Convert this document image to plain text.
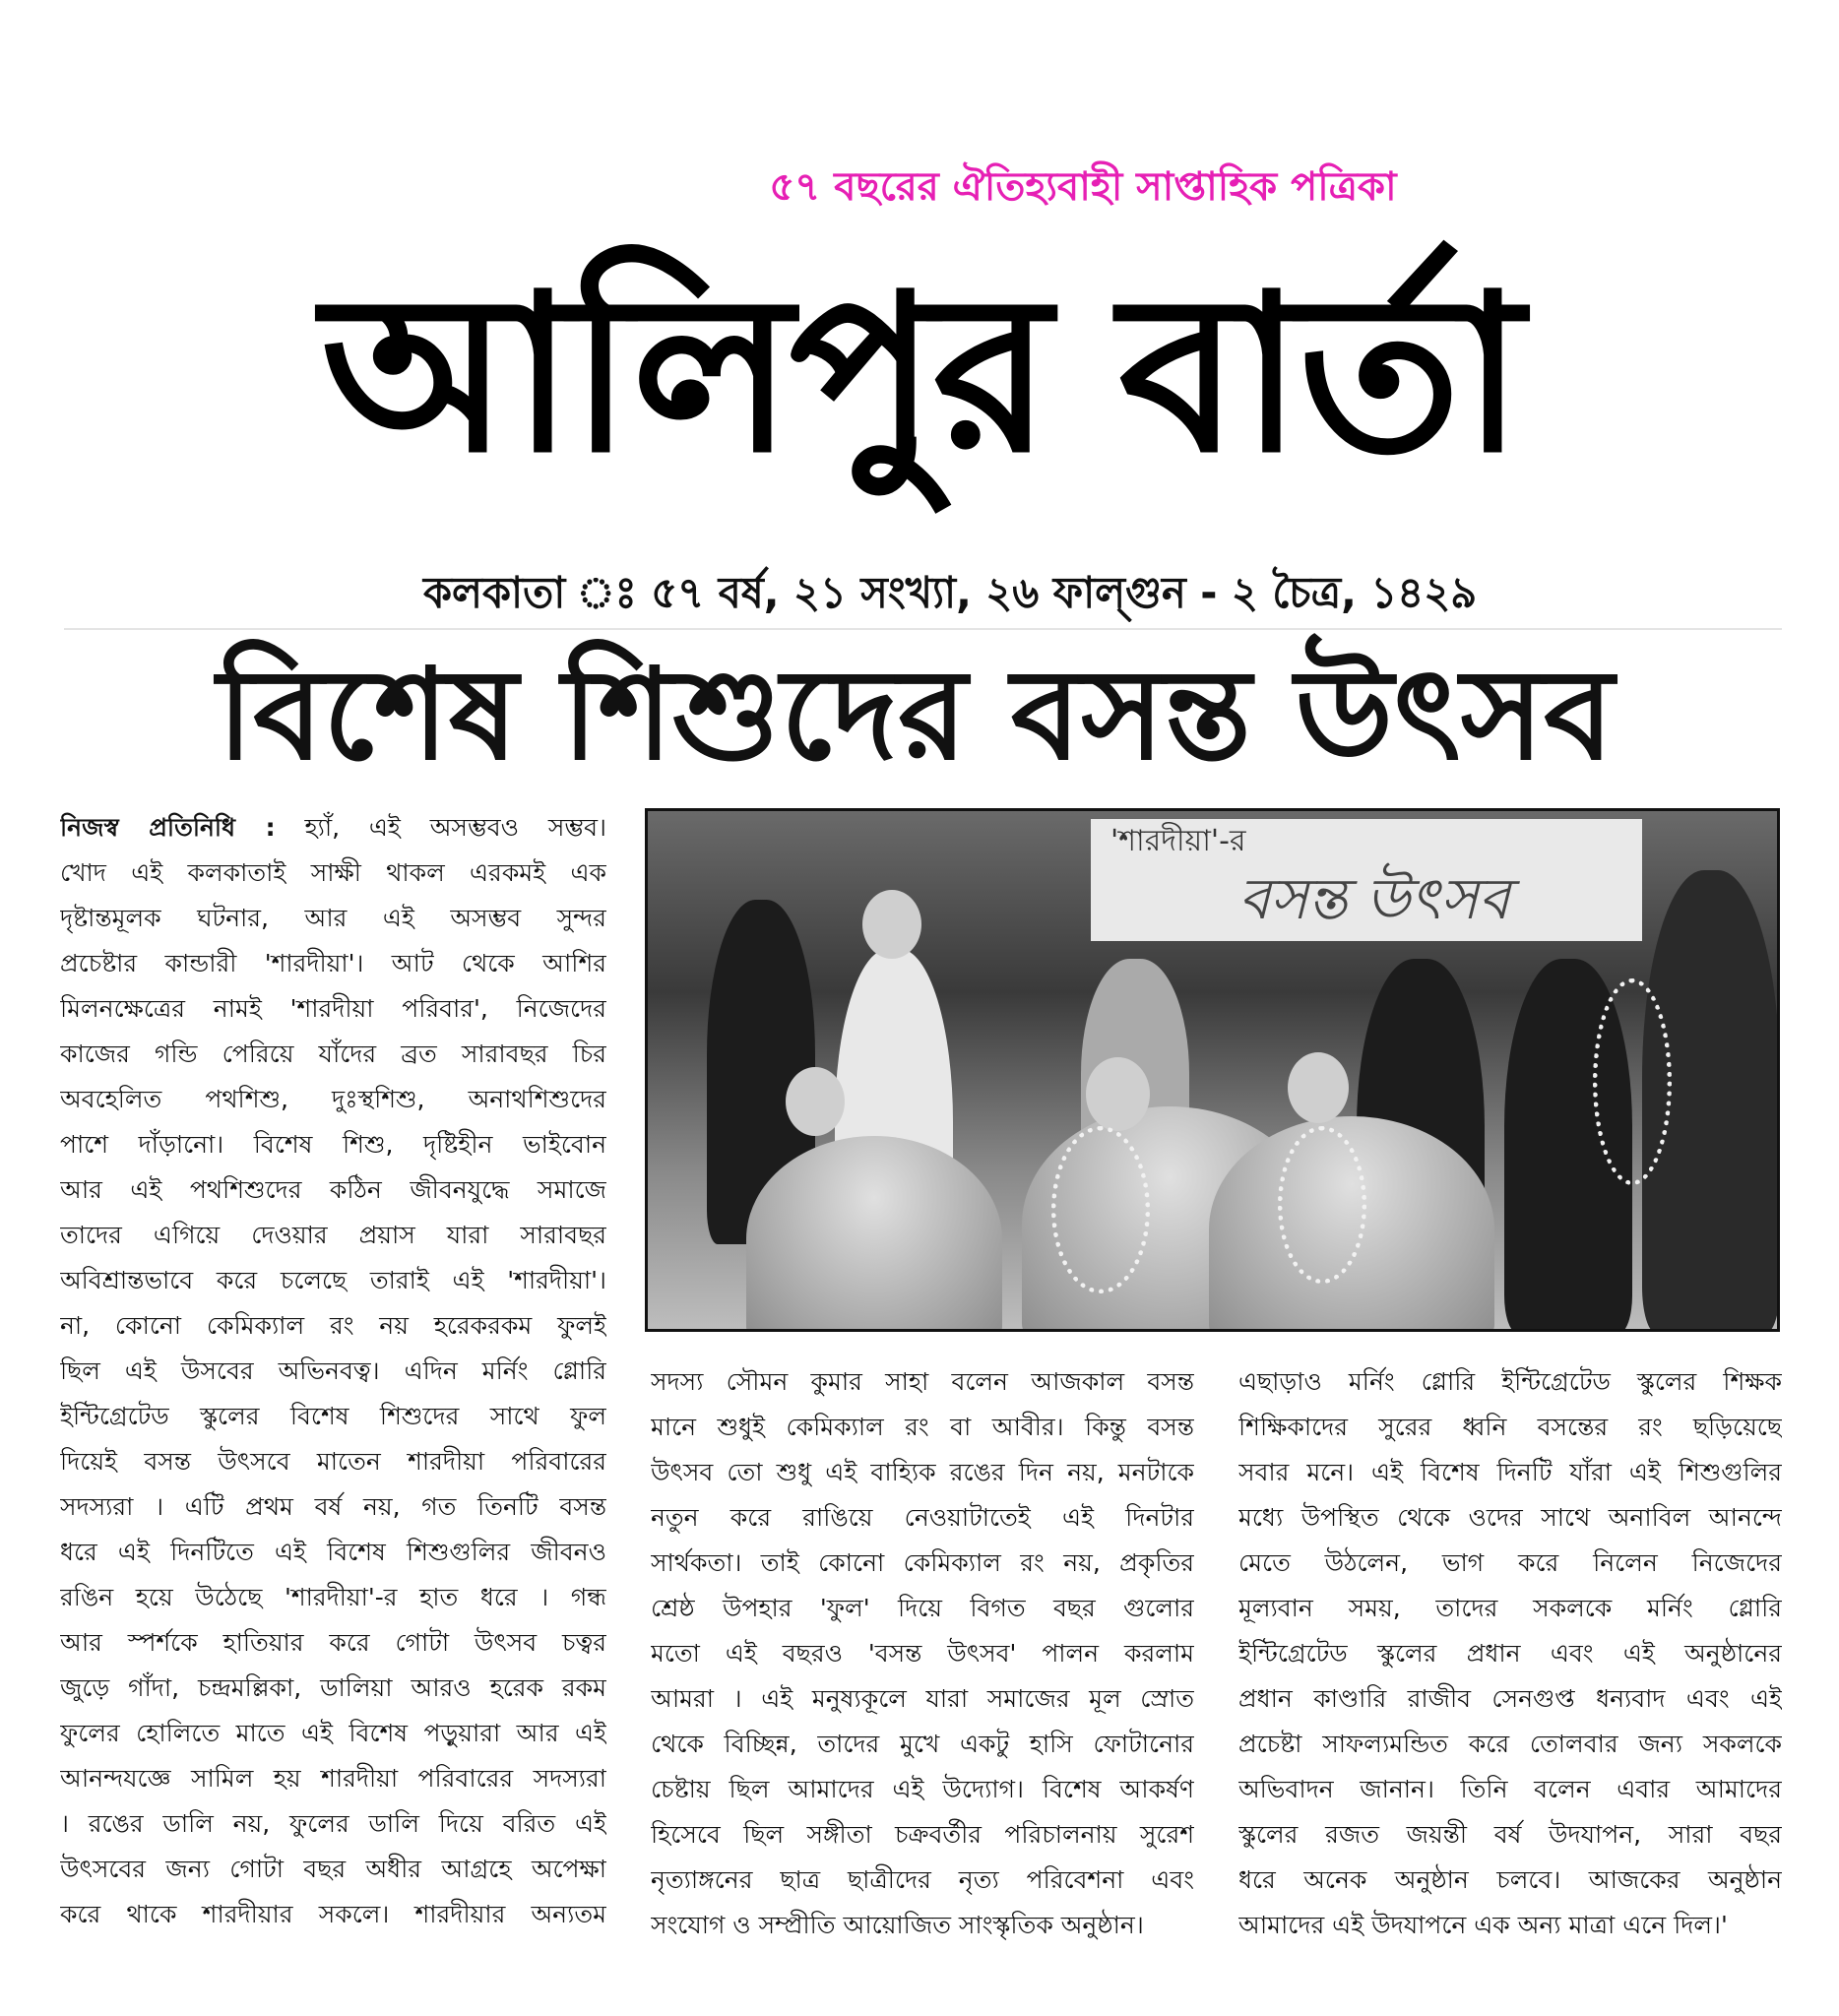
৫৭ বছরের ঐতিহ্যবাহী সাপ্তাহিক পত্রিকা
আলিপুর বার্তা
কলকাতা ঃ ৫৭ বর্ষ, ২১ সংখ্যা, ২৬ ফাল্গুন - ২ চৈত্র, ১৪২৯
বিশেষ শিশুদের বসন্ত উৎসব
নিজস্ব প্রতিনিধি : হ্যাঁ, এই অসম্ভবও সম্ভব।
খোদ এই কলকাতাই সাক্ষী থাকল এরকমই এক
দৃষ্টান্তমূলক ঘটনার, আর এই অসম্ভব সুন্দর
প্রচেষ্টার কান্ডারী 'শারদীয়া'। আট থেকে আশির
মিলনক্ষেত্রের নামই 'শারদীয়া পরিবার', নিজেদের
কাজের গন্ডি পেরিয়ে যাঁদের ব্রত সারাবছর চির
অবহেলিত পথশিশু, দুঃস্থশিশু, অনাথশিশুদের
পাশে দাঁড়ানো। বিশেষ শিশু, দৃষ্টিহীন ভাইবোন
আর এই পথশিশুদের কঠিন জীবনযুদ্ধে সমাজে
তাদের এগিয়ে দেওয়ার প্রয়াস যারা সারাবছর
অবিশ্রান্তভাবে করে চলেছে তারাই এই 'শারদীয়া'।
না, কোনো কেমিক্যাল রং নয় হরেকরকম ফুলই
ছিল এই উসবের অভিনবত্ব। এদিন মর্নিং গ্লোরি
ইন্টিগ্রেটেড স্কুলের বিশেষ শিশুদের সাথে ফুল
দিয়েই বসন্ত উৎসবে মাতেন শারদীয়া পরিবারের
সদস্যরা । এটি প্রথম বর্ষ নয়, গত তিনটি বসন্ত
ধরে এই দিনটিতে এই বিশেষ শিশুগুলির জীবনও
রঙিন হয়ে উঠেছে 'শারদীয়া'-র হাত ধরে । গন্ধ
আর স্পর্শকে হাতিয়ার করে গোটা উৎসব চত্বর
জুড়ে গাঁদা, চন্দ্রমল্লিকা, ডালিয়া আরও হরেক রকম
ফুলের হোলিতে মাতে এই বিশেষ পড়ুয়ারা আর এই
আনন্দযজ্ঞে সামিল হয় শারদীয়া পরিবারের সদস্যরা
। রঙের ডালি নয়, ফুলের ডালি দিয়ে বরিত এই
উৎসবের জন্য গোটা বছর অধীর আগ্রহে অপেক্ষা
করে থাকে শারদীয়ার সকলে। শারদীয়ার অন্যতম
'শারদীয়া'-র
বসন্ত উৎসব
সদস্য সৌমন কুমার সাহা বলেন আজকাল বসন্ত
মানে শুধুই কেমিক্যাল রং বা আবীর। কিন্তু বসন্ত
উৎসব তো শুধু এই বাহ্যিক রঙের দিন নয়, মনটাকে
নতুন করে রাঙিয়ে নেওয়াটাতেই এই দিনটার
সার্থকতা। তাই কোনো কেমিক্যাল রং নয়, প্রকৃতির
শ্রেষ্ঠ উপহার 'ফুল' দিয়ে বিগত বছর গুলোর
মতো এই বছরও 'বসন্ত উৎসব' পালন করলাম
আমরা । এই মনুষ্যকূলে যারা সমাজের মূল স্রোত
থেকে বিচ্ছিন্ন, তাদের মুখে একটু হাসি ফোটানোর
চেষ্টায় ছিল আমাদের এই উদ্যোগ। বিশেষ আকর্ষণ
হিসেবে ছিল সঙ্গীতা চক্রবর্তীর পরিচালনায় সুরেশ
নৃত্যাঙ্গনের ছাত্র ছাত্রীদের নৃত্য পরিবেশনা এবং
সংযোগ ও সম্প্রীতি আয়োজিত সাংস্কৃতিক অনুষ্ঠান।
এছাড়াও মর্নিং গ্লোরি ইন্টিগ্রেটেড স্কুলের শিক্ষক
শিক্ষিকাদের সুরের ধ্বনি বসন্তের রং ছড়িয়েছে
সবার মনে। এই বিশেষ দিনটি যাঁরা এই শিশুগুলির
মধ্যে উপস্থিত থেকে ওদের সাথে অনাবিল আনন্দে
মেতে উঠলেন, ভাগ করে নিলেন নিজেদের
মূল্যবান সময়, তাদের সকলকে মর্নিং গ্লোরি
ইন্টিগ্রেটেড স্কুলের প্রধান এবং এই অনুষ্ঠানের
প্রধান কাণ্ডারি রাজীব সেনগুপ্ত ধন্যবাদ এবং এই
প্রচেষ্টা সাফল্যমন্ডিত করে তোলবার জন্য সকলকে
অভিবাদন জানান। তিনি বলেন এবার আমাদের
স্কুলের রজত জয়ন্তী বর্ষ উদযাপন, সারা বছর
ধরে অনেক অনুষ্ঠান চলবে। আজকের অনুষ্ঠান
আমাদের এই উদযাপনে এক অন্য মাত্রা এনে দিল।'
